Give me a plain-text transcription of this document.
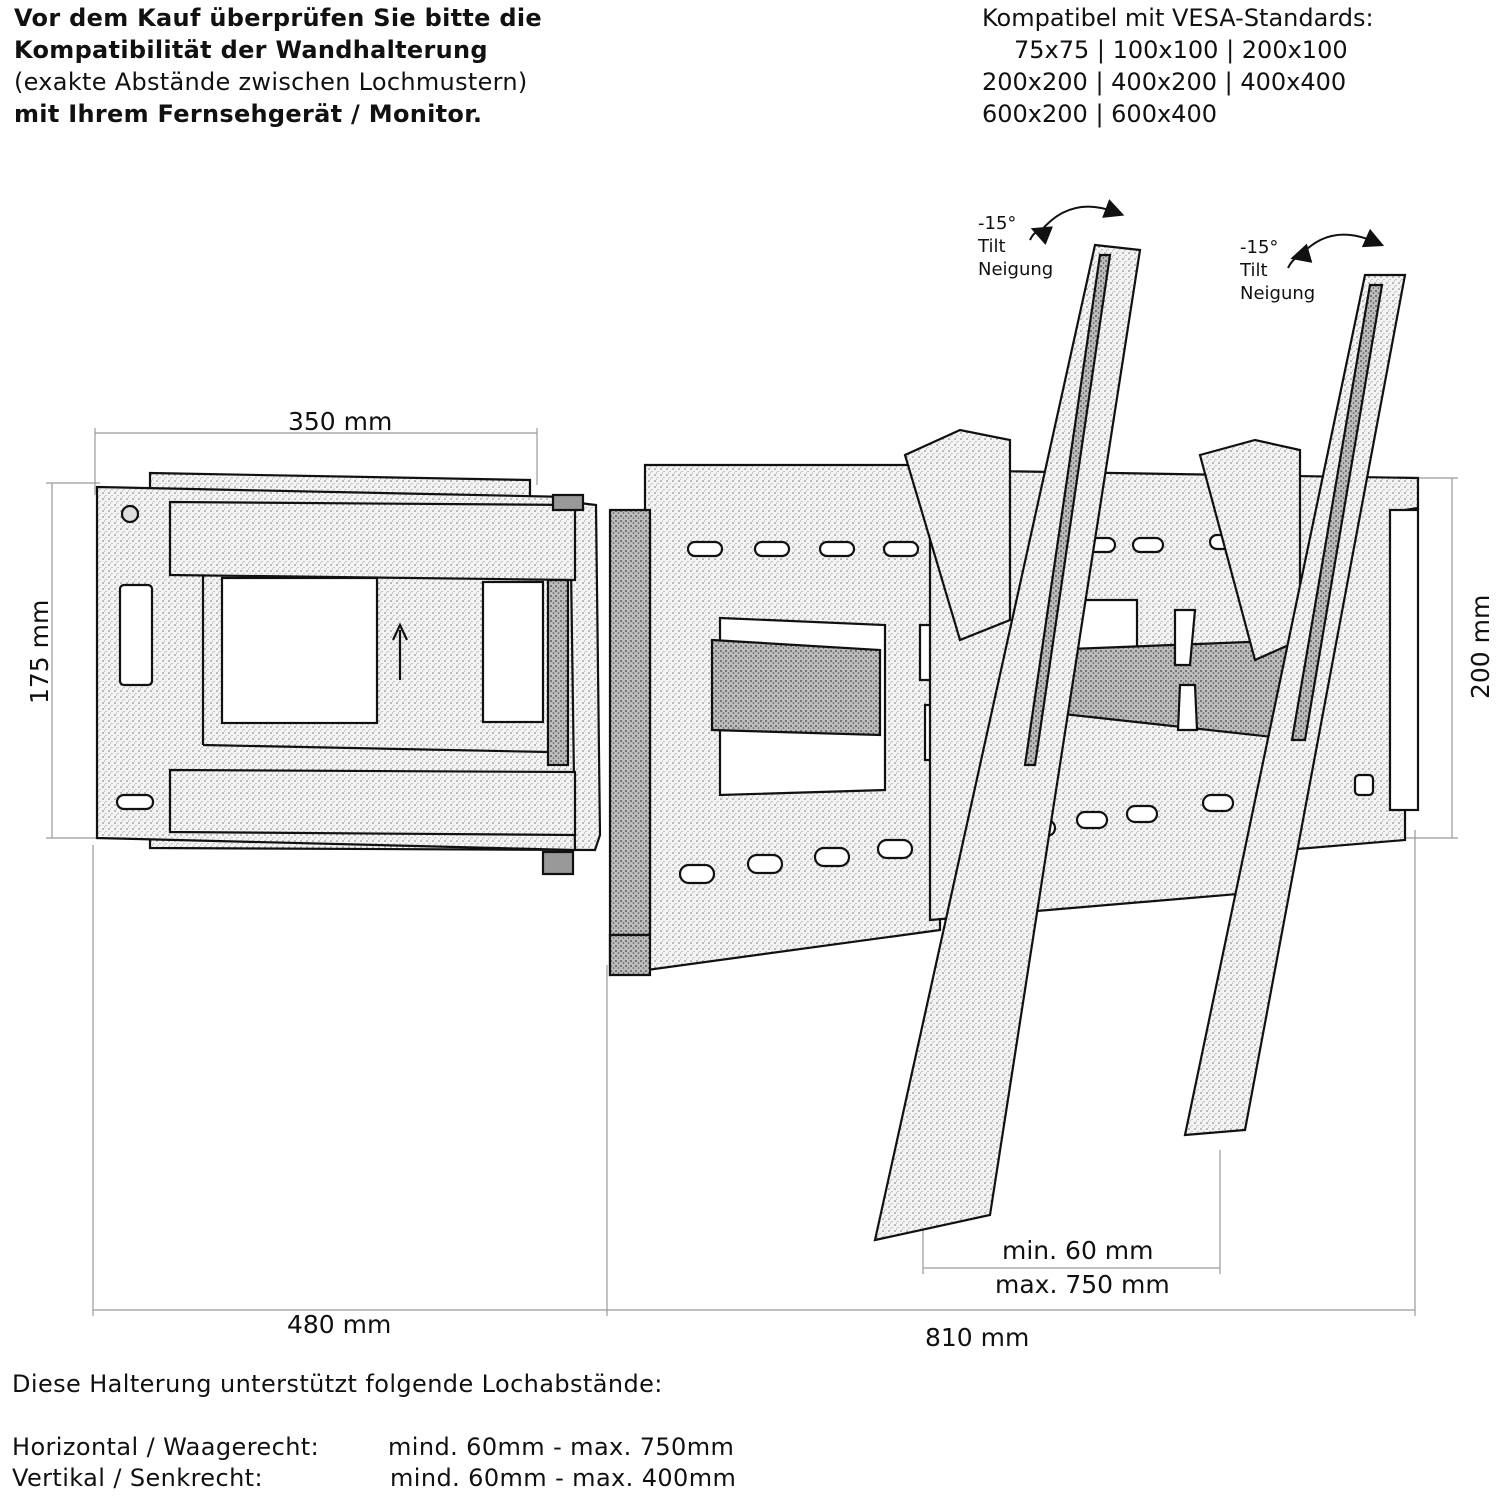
Vor dem Kauf überprüfen Sie bitte die
Kompatibilität der Wandhalterung
(exakte Abstände zwischen Lochmustern)
mit Ihrem Fernsehgerät / Monitor.
Kompatibel mit VESA-Standards:
75x75 | 100x100 | 200x100
200x200 | 400x200 | 400x400
600x200 | 600x400
-15°
Tilt
Neigung
-15°
Tilt
Neigung
350 mm
175 mm	200 mm
480 mm	810 mm
min. 60 mm
max. 750 mm
Diese Halterung unterstützt folgende Lochabstände:
Horizontal / Waagerecht:	mind. 60mm - max. 750mm
Vertikal / Senkrecht:	mind. 60mm - max. 400mm
